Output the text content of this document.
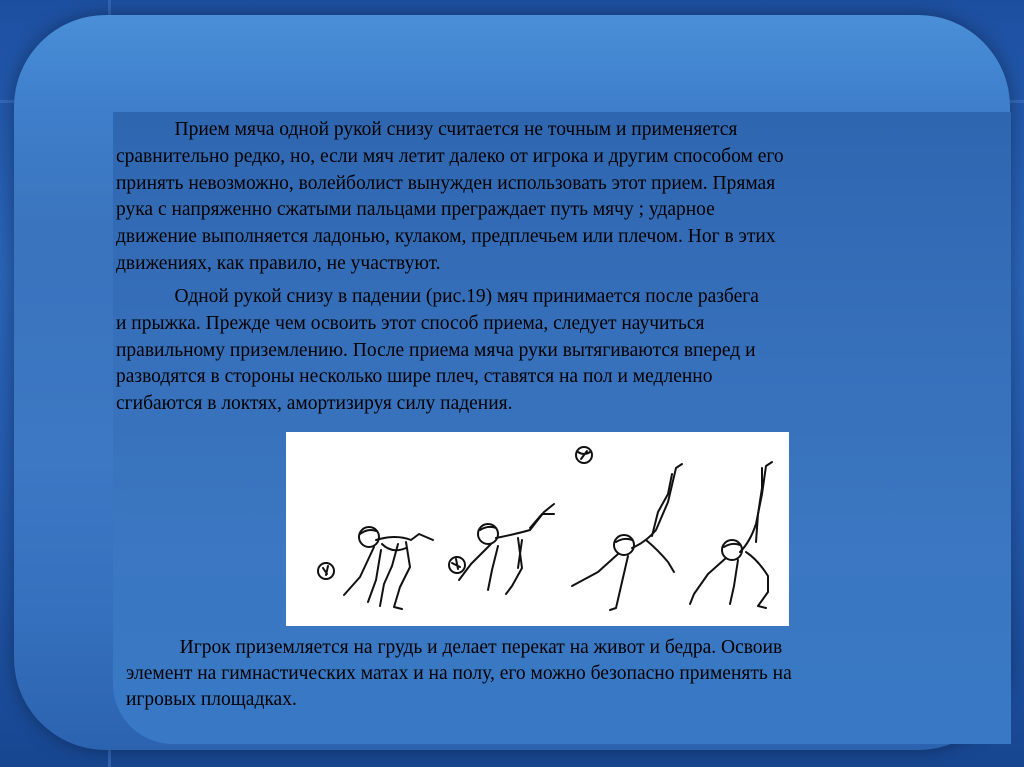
Прием мяча одной рукой снизу считается не точным и применяется
сравнительно редко, но, если мяч летит далеко от игрока и другим способом его
принять невозможно, волейболист вынужден использовать этот прием. Прямая
рука с напряженно сжатыми пальцами преграждает путь мячу ; ударное
движение выполняется ладонью, кулаком, предплечьем или плечом. Ног в этих
движениях, как правило, не участвуют.

Одной рукой снизу в падении (рис.19) мяч принимается после разбега
и прыжка. Прежде чем освоить этот способ приема, следует научиться
правильному приземлению. После приема мяча руки вытягиваются вперед и
разводятся в стороны несколько шире плеч, ставятся на пол и медленно
сгибаются в локтях, амортизируя силу падения.

Игрок приземляется на грудь и делает перекат на живот и бедра. Освоив
элемент на гимнастических матах и на полу, его можно безопасно применять на
игровых площадках.
